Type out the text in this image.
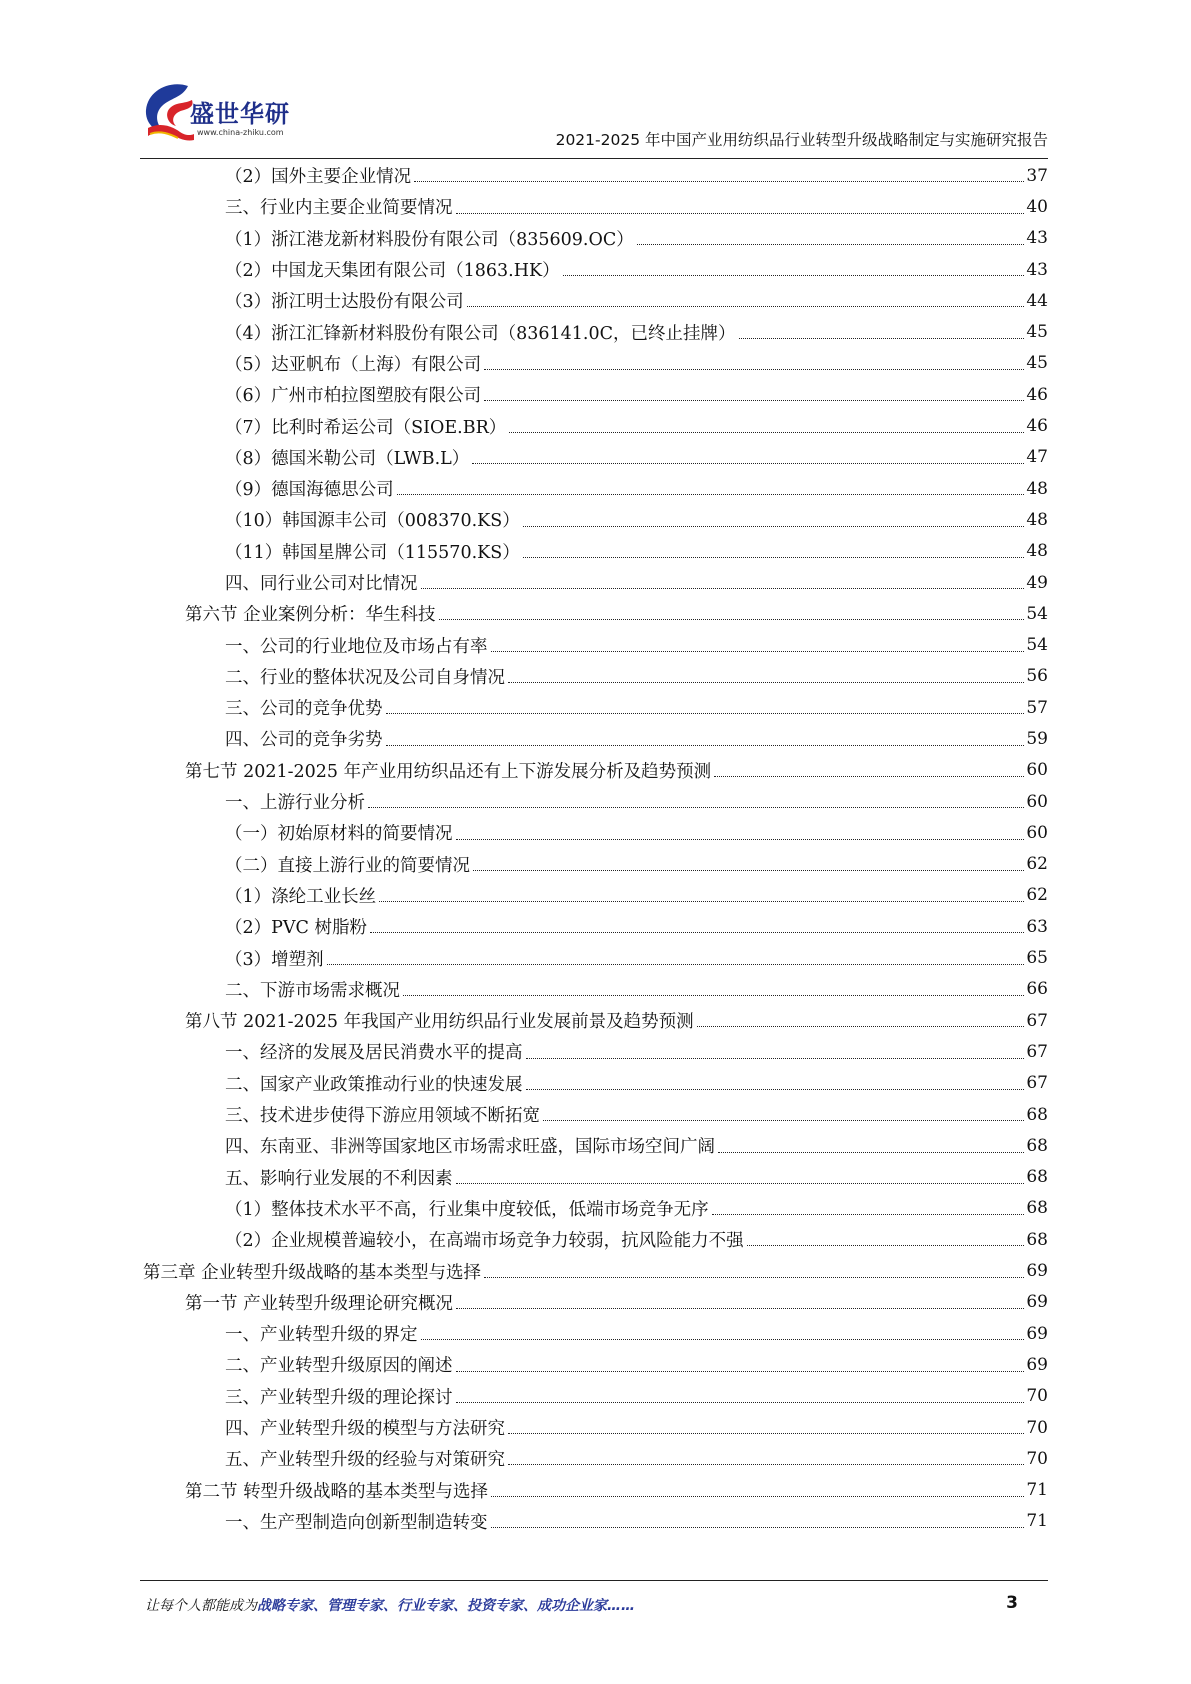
盛世华研
www.china-zhiku.com	2021-2025 年中国产业用纺织品行业转型升级战略制定与实施研究报告
（2）国外主要企业情况	37
三、行业内主要企业简要情况	40
（1）浙江港龙新材料股份有限公司（835609.OC）	43
（2）中国龙天集团有限公司（1863.HK）	43
（3）浙江明士达股份有限公司	44
（4）浙江汇锋新材料股份有限公司（836141.0C，已终止挂牌）	45
（5）达亚帆布（上海）有限公司	45
（6）广州市柏拉图塑胶有限公司	46
（7）比利时希运公司（SIOE.BR）	46
（8）德国米勒公司（LWB.L）	47
（9）德国海德思公司	48
（10）韩国源丰公司（008370.KS）	48
（11）韩国星牌公司（115570.KS）	48
四、同行业公司对比情况	49
第六节 企业案例分析：华生科技	54
一、公司的行业地位及市场占有率	54
二、行业的整体状况及公司自身情况	56
三、公司的竞争优势	57
四、公司的竞争劣势	59
第七节 2021-2025 年产业用纺织品还有上下游发展分析及趋势预测	60
一、上游行业分析	60
（一）初始原材料的简要情况	60
（二）直接上游行业的简要情况	62
（1）涤纶工业长丝	62
（2）PVC 树脂粉	63
（3）增塑剂	65
二、下游市场需求概况	66
第八节 2021-2025 年我国产业用纺织品行业发展前景及趋势预测	67
一、经济的发展及居民消费水平的提高	67
二、国家产业政策推动行业的快速发展	67
三、技术进步使得下游应用领域不断拓宽	68
四、东南亚、非洲等国家地区市场需求旺盛，国际市场空间广阔	68
五、影响行业发展的不利因素	68
（1）整体技术水平不高，行业集中度较低，低端市场竞争无序	68
（2）企业规模普遍较小，在高端市场竞争力较弱，抗风险能力不强	68
第三章 企业转型升级战略的基本类型与选择	69
第一节 产业转型升级理论研究概况	69
一、产业转型升级的界定	69
二、产业转型升级原因的阐述	69
三、产业转型升级的理论探讨	70
四、产业转型升级的模型与方法研究	70
五、产业转型升级的经验与对策研究	70
第二节 转型升级战略的基本类型与选择	71
一、生产型制造向创新型制造转变	71
让每个人都能成为战略专家、管理专家、行业专家、投资专家、成功企业家……	3
